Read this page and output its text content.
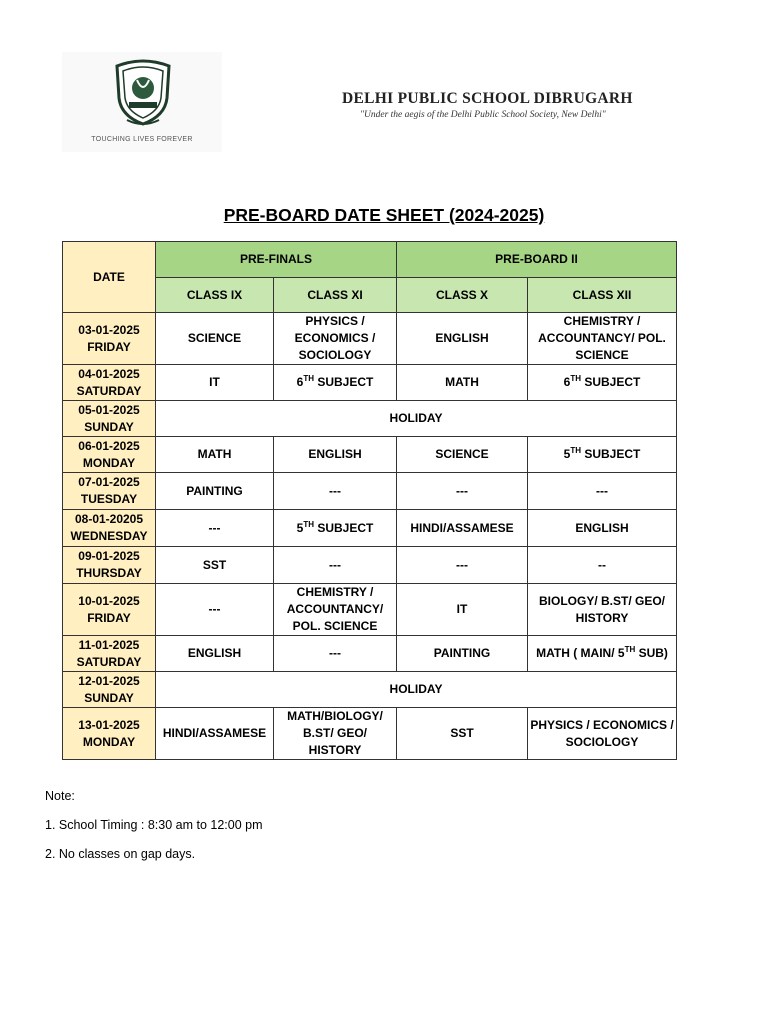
TOUCHING LIVES FOREVER
DELHI PUBLIC SCHOOL DIBRUGARH
"Under the aegis of the Delhi Public School Society, New Delhi"
PRE-BOARD DATE SHEET (2024-2025)
DATE	PRE-FINALS		PRE-BOARD II	
	CLASS IX	CLASS XI	CLASS X	CLASS XII

03-01-2025
FRIDAY	SCIENCE	PHYSICS / ECONOMICS / SOCIOLOGY	ENGLISH	CHEMISTRY / ACCOUNTANCY/ POL. SCIENCE

04-01-2025
SATURDAY	IT	6TH SUBJECT	MATH	6TH SUBJECT

05-01-2025
SUNDAY	HOLIDAY			

06-01-2025
MONDAY	MATH	ENGLISH	SCIENCE	5TH SUBJECT

07-01-2025
TUESDAY	PAINTING	---	---	---

08-01-20205
WEDNESDAY	---	5TH SUBJECT	HINDI/ASSAMESE	ENGLISH

09-01-2025
THURSDAY	SST	---	---	--

10-01-2025
FRIDAY	---	CHEMISTRY / ACCOUNTANCY/ POL. SCIENCE	IT	BIOLOGY/ B.ST/ GEO/ HISTORY

11-01-2025
SATURDAY	ENGLISH	---	PAINTING	MATH ( MAIN/ 5TH SUB)

12-01-2025
SUNDAY	HOLIDAY			

13-01-2025
MONDAY	HINDI/ASSAMESE	MATH/BIOLOGY/ B.ST/ GEO/ HISTORY	SST	PHYSICS / ECONOMICS / SOCIOLOGY
Note:
1. School Timing : 8:30 am to 12:00 pm
2. No classes on gap days.
